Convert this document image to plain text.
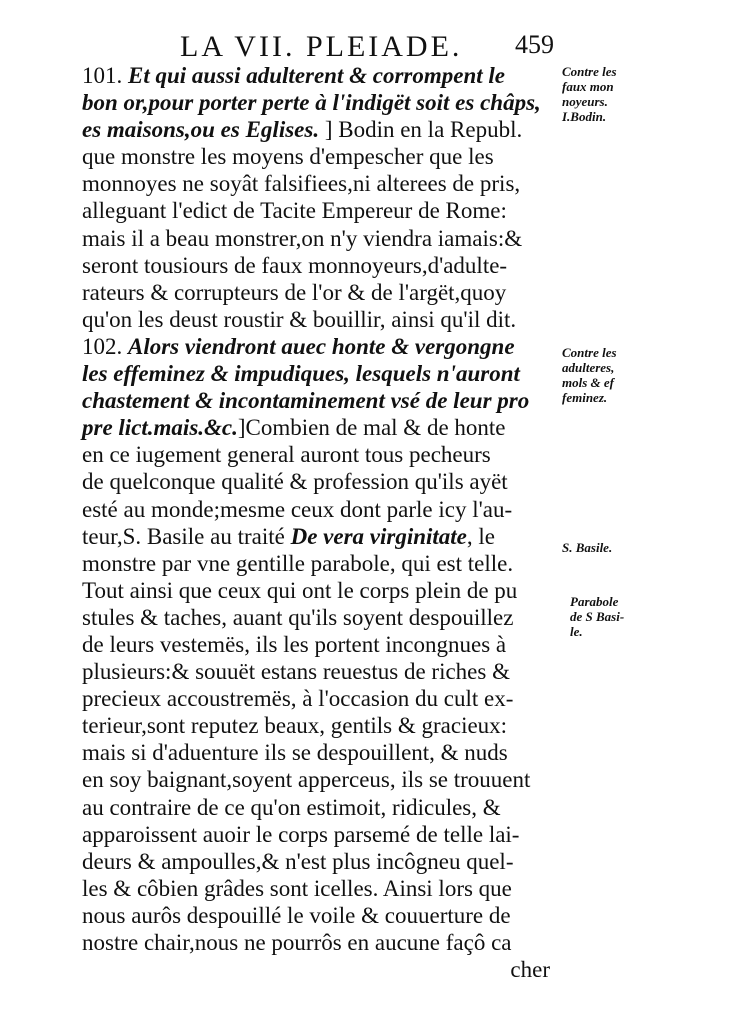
LA VII. PLEIADE. 459
101. Et qui aussi adulterent & corrompent le
bon or,pour porter perte à l'indigët soit es châps,
es maisons,ou es Eglises. ] Bodin en la Republ.
que monstre les moyens d'empescher que les
monnoyes ne soyât falsifiees,ni alterees de pris,
alleguant l'edict de Tacite Empereur de Rome:
mais il a beau monstrer,on n'y viendra iamais:&
seront tousiours de faux monnoyeurs,d'adulte-
rateurs & corrupteurs de l'or & de l'argët,quoy
qu'on les deust roustir & bouillir, ainsi qu'il dit.
102. Alors viendront auec honte & vergongne
les effeminez & impudiques, lesquels n'auront
chastement & incontaminement vsé de leur pro
pre lict.mais.&c.]Combien de mal & de honte
en ce iugement general auront tous pecheurs
de quelconque qualité & profession qu'ils ayët
esté au monde;mesme ceux dont parle icy l'au-
teur,S. Basile au traité De vera virginitate, le
monstre par vne gentille parabole, qui est telle.
Tout ainsi que ceux qui ont le corps plein de pu
stules & taches, auant qu'ils soyent despouillez
de leurs vestemës, ils les portent incongnues à
plusieurs:& souuët estans reuestus de riches &
precieux accoustremës, à l'occasion du cult ex-
terieur,sont reputez beaux, gentils & gracieux:
mais si d'aduenture ils se despouillent, & nuds
en soy baignant,soyent apperceus, ils se trouuent
au contraire de ce qu'on estimoit, ridicules, &
apparoissent auoir le corps parsemé de telle lai-
deurs & ampoulles,& n'est plus incôgneu quel-
les & côbien grâdes sont icelles. Ainsi lors que
nous aurôs despouillé le voile & couuerture de
nostre chair,nous ne pourrôs en aucune façô ca
cher
Contre les
faux mon
noyeurs.
I.Bodin.
Contre les
adulteres,
mols & ef
feminez.
S. Basile.
Parabole
de S Basi-
le.
